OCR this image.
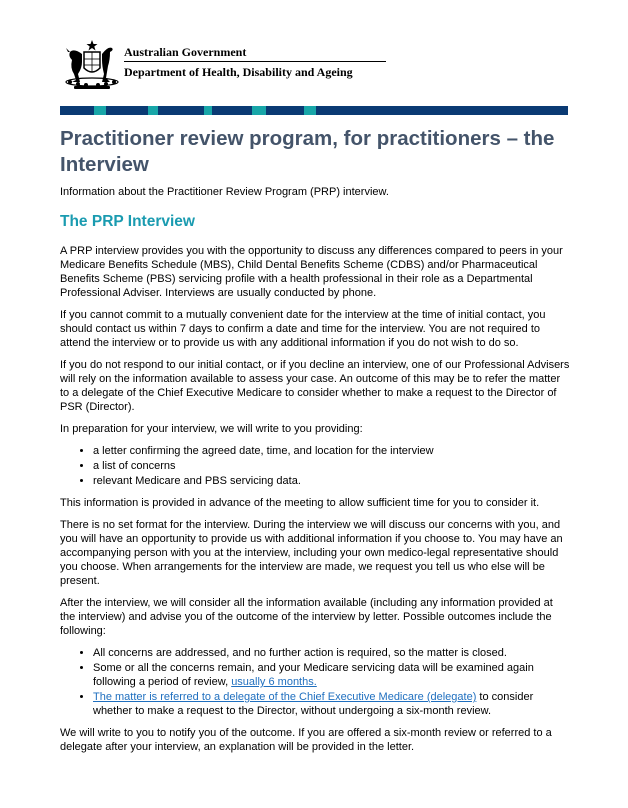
Australian Government
Department of Health, Disability and Ageing
Practitioner review program, for practitioners – the Interview

Information about the Practitioner Review Program (PRP) interview.

The PRP Interview

A PRP interview provides you with the opportunity to discuss any differences compared to peers in your Medicare Benefits Schedule (MBS), Child Dental Benefits Scheme (CDBS) and/or Pharmaceutical Benefits Scheme (PBS) servicing profile with a health professional in their role as a Departmental Professional Adviser. Interviews are usually conducted by phone.

If you cannot commit to a mutually convenient date for the interview at the time of initial contact, you should contact us within 7 days to confirm a date and time for the interview. You are not required to attend the interview or to provide us with any additional information if you do not wish to do so.

If you do not respond to our initial contact, or if you decline an interview, one of our Professional Advisers will rely on the information available to assess your case. An outcome of this may be to refer the matter to a delegate of the Chief Executive Medicare to consider whether to make a request to the Director of PSR (Director).

In preparation for your interview, we will write to you providing:

• a letter confirming the agreed date, time, and location for the interview
• a list of concerns
• relevant Medicare and PBS servicing data.

This information is provided in advance of the meeting to allow sufficient time for you to consider it.

There is no set format for the interview. During the interview we will discuss our concerns with you, and you will have an opportunity to provide us with additional information if you choose to. You may have an accompanying person with you at the interview, including your own medico-legal representative should you choose. When arrangements for the interview are made, we request you tell us who else will be present.

After the interview, we will consider all the information available (including any information provided at the interview) and advise you of the outcome of the interview by letter. Possible outcomes include the following:

• All concerns are addressed, and no further action is required, so the matter is closed.
• Some or all the concerns remain, and your Medicare servicing data will be examined again following a period of review, usually 6 months.
• The matter is referred to a delegate of the Chief Executive Medicare (delegate) to consider whether to make a request to the Director, without undergoing a six-month review.

We will write to you to notify you of the outcome. If you are offered a six-month review or referred to a delegate after your interview, an explanation will be provided in the letter.
